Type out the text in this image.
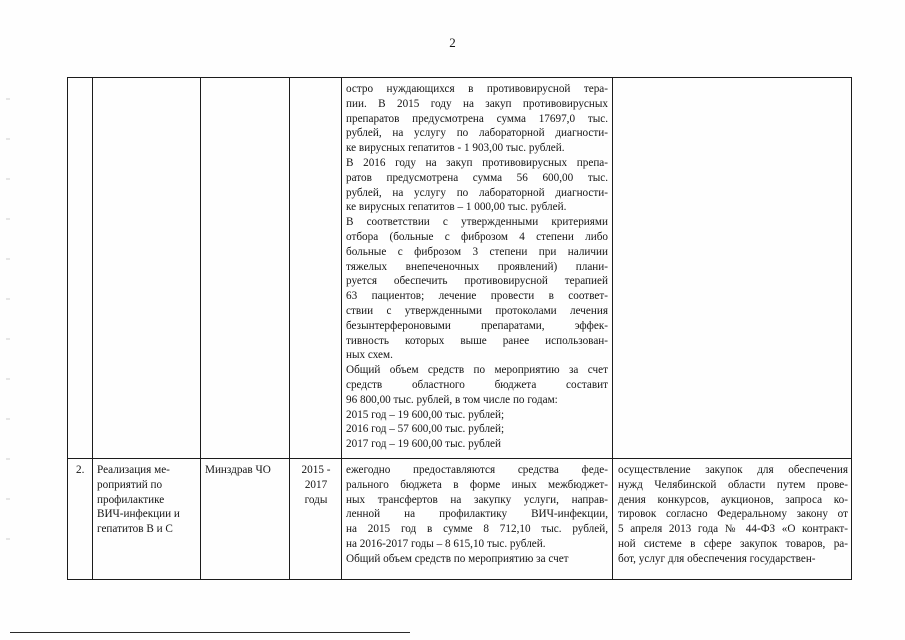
2
остро нуждающихся в противовирусной тера-
пии. В 2015 году на закуп противовирусных
препаратов предусмотрена сумма 17697,0 тыс.
рублей, на услугу по лабораторной диагности-
ке вирусных гепатитов - 1 903,00 тыс. рублей.
В 2016 году на закуп противовирусных препа-
ратов предусмотрена сумма 56 600,00 тыс.
рублей, на услугу по лабораторной диагности-
ке вирусных гепатитов – 1 000,00 тыс. рублей.
В соответствии с утвержденными критериями
отбора (больные с фиброзом 4 степени либо
больные с фиброзом 3 степени при наличии
тяжелых внепеченочных проявлений) плани-
руется обеспечить противовирусной терапией
63 пациентов; лечение провести в соответ-
ствии с утвержденными протоколами лечения
безынтерфероновыми препаратами, эффек-
тивность которых выше ранее использован-
ных схем.
Общий объем средств по мероприятию за счет
средств областного бюджета составит
96 800,00 тыс. рублей, в том числе по годам:
2015 год – 19 600,00 тыс. рублей;
2016 год – 57 600,00 тыс. рублей;
2017 год – 19 600,00 тыс. рублей
2.	Реализация ме-
роприятий по
профилактике
ВИЧ-инфекции и
гепатитов В и С
Минздрав ЧО	2015 -
2017
годы
ежегодно предоставляются средства феде-
рального бюджета в форме иных межбюджет-
ных трансфертов на закупку услуги, направ-
ленной на профилактику ВИЧ-инфекции,
на 2015 год в сумме 8 712,10 тыс. рублей,
на 2016-2017 годы – 8 615,10 тыс. рублей.
Общий объем средств по мероприятию за счет
осуществление закупок для обеспечения
нужд Челябинской области путем прове-
дения конкурсов, аукционов, запроса ко-
тировок согласно Федеральному закону от
5 апреля 2013 года № 44-ФЗ «О контракт-
ной системе в сфере закупок товаров, ра-
бот, услуг для обеспечения государствен-
